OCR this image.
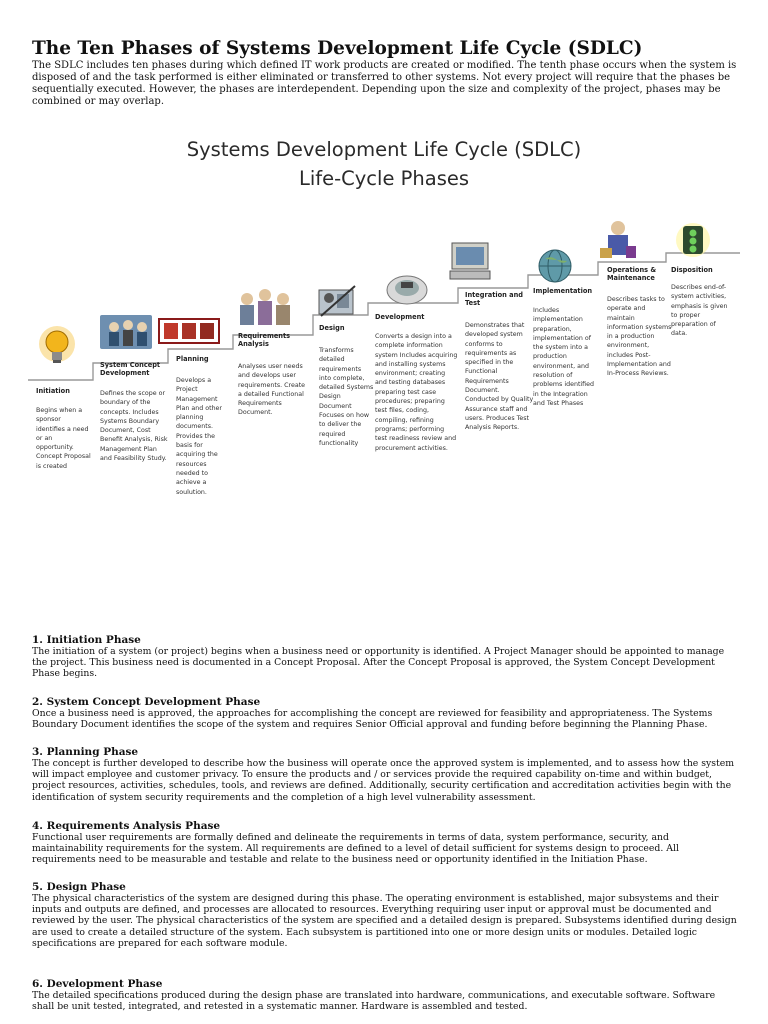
The Ten Phases of Systems Development Life Cycle (SDLC)

The SDLC includes ten phases during which defined IT work products are created or modified. The tenth phase occurs when the system is disposed of and the task performed is either eliminated or transferred to other systems. Not every project will require that the phases be sequentially executed. However, the phases are interdependent. Depending upon the size and complexity of the project, phases may be combined or may overlap.

Systems Development Life Cycle (SDLC)
Life-Cycle Phases
Initiation
Begins when a sponsor identifies a need or an opportunity. Concept Proposal is created
System Concept Development
Defines the scope or boundary of the concepts. Includes Systems Boundary Document, Cost Benefit Analysis, Risk Management Plan and Feasibility Study.
Planning
Develops a Project Management Plan and other planning documents. Provides the basis for acquiring the resources needed to achieve a soulution.
Requirements Analysis
Analyses user needs and develops user requirements. Create a detailed Functional Requirements Document.
Design
Transforms detailed requirements into complete, detailed Systems Design Document Focuses on how to deliver the required functionality
Development
Converts a design into a complete information system Includes acquiring and installing systems environment; creating and testing databases preparing test case procedures; preparing test files, coding, compiling, refining programs; performing test readiness review and procurement activities.
Integration and Test
Demonstrates that developed system conforms to requirements as specified in the Functional Requirements Document. Conducted by Quality Assurance staff and users. Produces Test Analysis Reports.
Implementation
Includes implementation preparation, implementation of the system into a production environment, and resolution of problems identified in the Integration and Test Phases
Operations & Maintenance
Describes tasks to operate and maintain information systems in a production environment, includes Post-Implementation and In-Process Reviews.
Disposition
Describes end-of-system activities, emphasis is given to proper preparation of data.
1. Initiation Phase

The initiation of a system (or project) begins when a business need or opportunity is identified. A Project Manager should be appointed to manage the project. This business need is documented in a Concept Proposal. After the Concept Proposal is approved, the System Concept Development Phase begins.

2. System Concept Development Phase

Once a business need is approved, the approaches for accomplishing the concept are reviewed for feasibility and appropriateness. The Systems Boundary Document identifies the scope of the system and requires Senior Official approval and funding before beginning the Planning Phase.

3. Planning Phase

The concept is further developed to describe how the business will operate once the approved system is implemented, and to assess how the system will impact employee and customer privacy. To ensure the products and / or services provide the required capability on-time and within budget, project resources, activities, schedules, tools, and reviews are defined. Additionally, security certification and accreditation activities begin with the identification of system security requirements and the completion of a high level vulnerability assessment.

4. Requirements Analysis Phase

Functional user requirements are formally defined and delineate the requirements in terms of data, system performance, security, and maintainability requirements for the system. All requirements are defined to a level of detail sufficient for systems design to proceed. All requirements need to be measurable and testable and relate to the business need or opportunity identified in the Initiation Phase.

5. Design Phase

The physical characteristics of the system are designed during this phase. The operating environment is established, major subsystems and their inputs and outputs are defined, and processes are allocated to resources. Everything requiring user input or approval must be documented and reviewed by the user. The physical characteristics of the system are specified and a detailed design is prepared. Subsystems identified during design are used to create a detailed structure of the system. Each subsystem is partitioned into one or more design units or modules. Detailed logic specifications are prepared for each software module.

6. Development Phase

The detailed specifications produced during the design phase are translated into hardware, communications, and executable software. Software shall be unit tested, integrated, and retested in a systematic manner. Hardware is assembled and tested.
